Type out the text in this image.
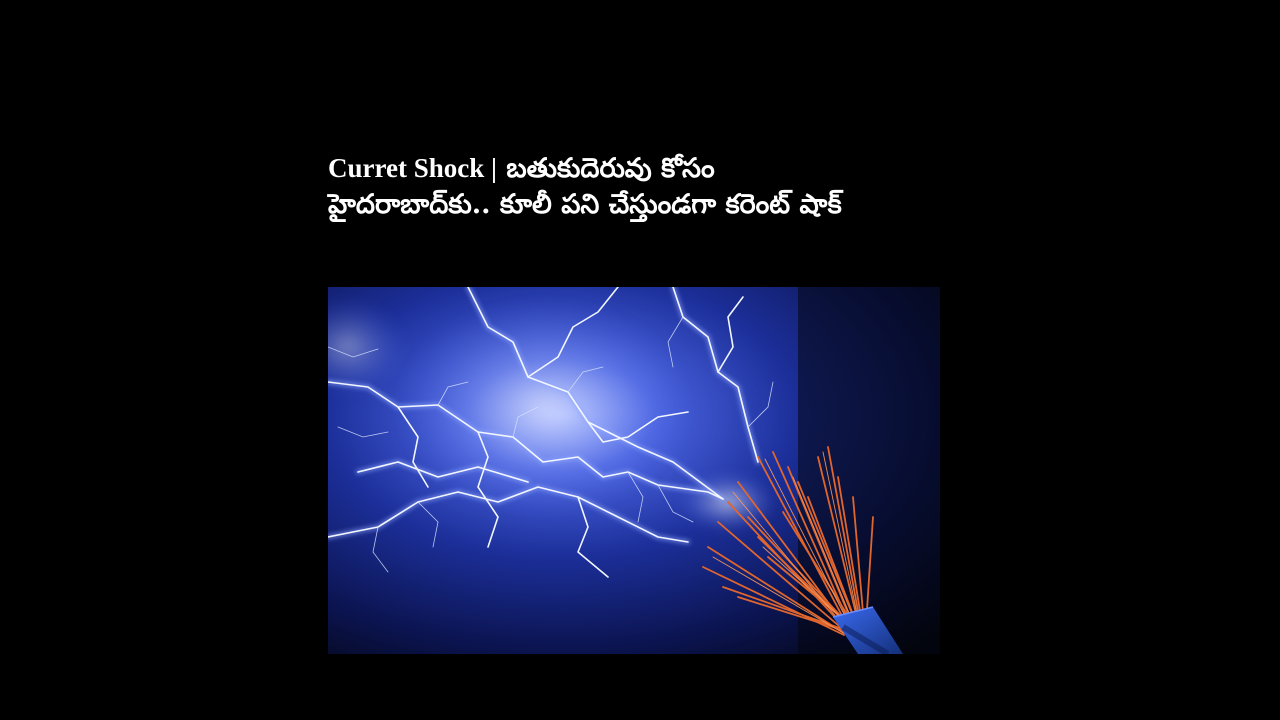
Curret Shock | బతుకుదెరువు కోసం హైదరాబాద్‌కు.. కూలీ పని చేస్తుండగా కరెంట్ షాక్
